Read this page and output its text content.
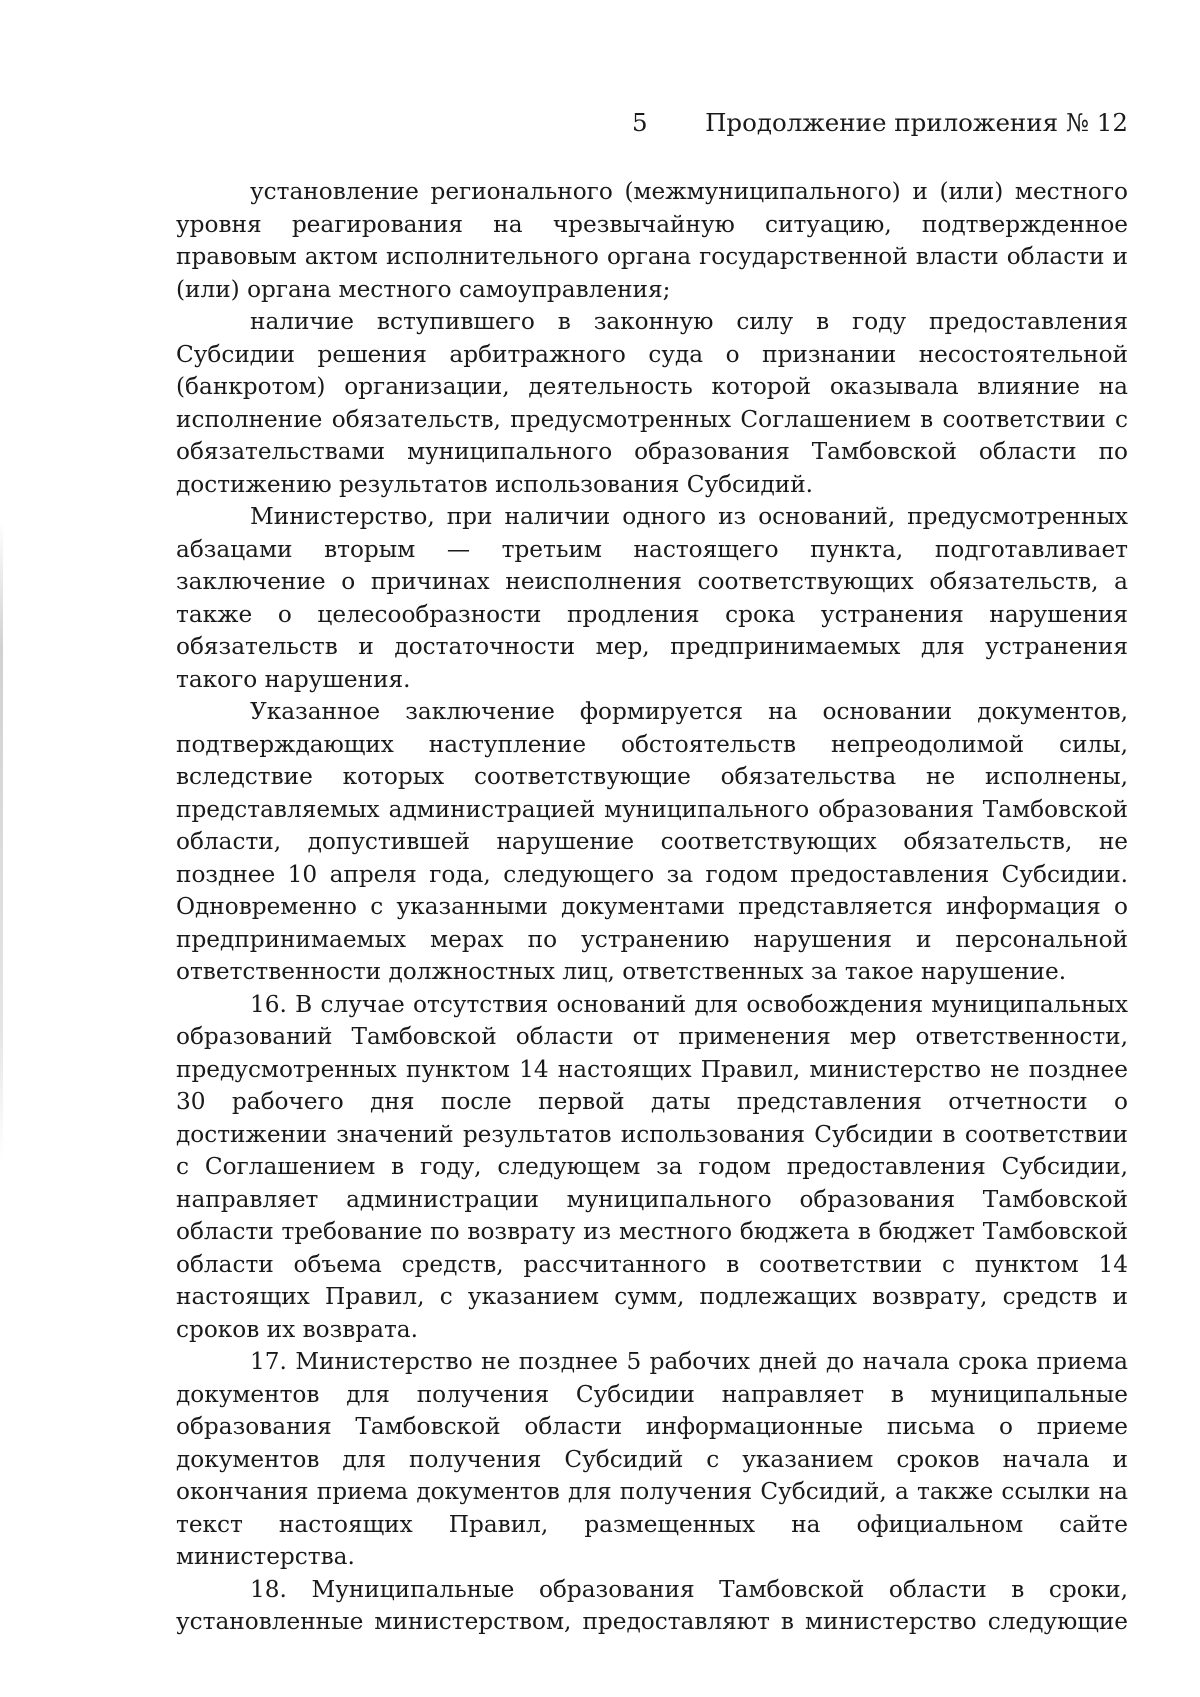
5 Продолжение приложения № 12

установление регионального (межмуниципального) и (или) местного уровня реагирования на чрезвычайную ситуацию, подтвержденное правовым актом исполнительного органа государственной власти области и (или) органа местного самоуправления;

наличие вступившего в законную силу в году предоставления Субсидии решения арбитражного суда о признании несостоятельной (банкротом) организации, деятельность которой оказывала влияние на исполнение обязательств, предусмотренных Соглашением в соответствии с обязательствами муниципального образования Тамбовской области по достижению результатов использования Субсидий.

Министерство, при наличии одного из оснований, предусмотренных абзацами вторым — третьим настоящего пункта, подготавливает заключение о причинах неисполнения соответствующих обязательств, а также о целесообразности продления срока устранения нарушения обязательств и достаточности мер, предпринимаемых для устранения такого нарушения.

Указанное заключение формируется на основании документов, подтверждающих наступление обстоятельств непреодолимой силы, вследствие которых соответствующие обязательства не исполнены, представляемых администрацией муниципального образования Тамбовской области, допустившей нарушение соответствующих обязательств, не позднее 10 апреля года, следующего за годом предоставления Субсидии. Одновременно с указанными документами представляется информация о предпринимаемых мерах по устранению нарушения и персональной ответственности должностных лиц, ответственных за такое нарушение.

16. В случае отсутствия оснований для освобождения муниципальных образований Тамбовской области от применения мер ответственности, предусмотренных пунктом 14 настоящих Правил, министерство не позднее 30 рабочего дня после первой даты представления отчетности о достижении значений результатов использования Субсидии в соответствии с Соглашением в году, следующем за годом предоставления Субсидии, направляет администрации муниципального образования Тамбовской области требование по возврату из местного бюджета в бюджет Тамбовской области объема средств, рассчитанного в соответствии с пунктом 14 настоящих Правил, с указанием сумм, подлежащих возврату, средств и сроков их возврата.

17. Министерство не позднее 5 рабочих дней до начала срока приема документов для получения Субсидии направляет в муниципальные образования Тамбовской области информационные письма о приеме документов для получения Субсидий с указанием сроков начала и окончания приема документов для получения Субсидий, а также ссылки на текст настоящих Правил, размещенных на официальном сайте министерства.

18. Муниципальные образования Тамбовской области в сроки, установленные министерством, предоставляют в министерство следующие
